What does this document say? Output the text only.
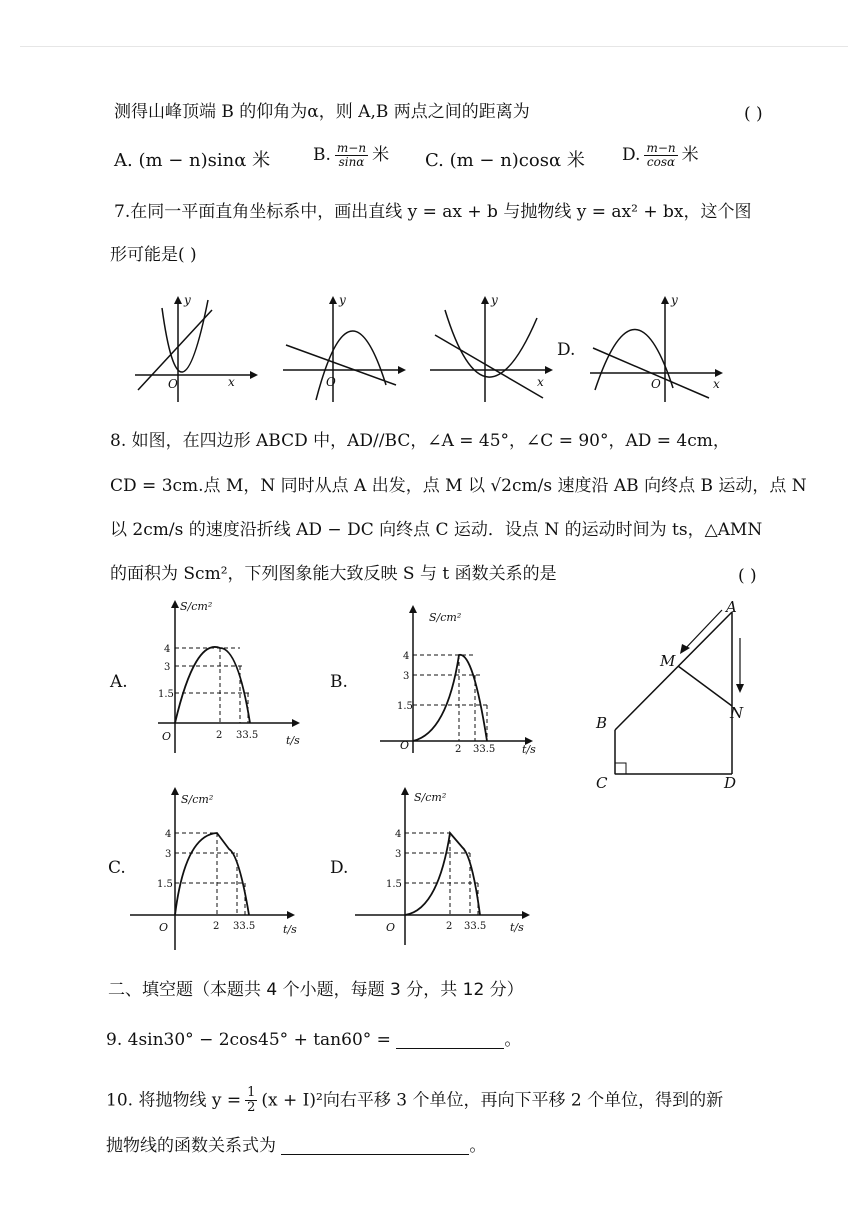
测得山峰顶端 B 的仰角为α，则 A,B 两点之间的距离为	( )
A. (m − n)sinα 米	B. $\frac{m-n}{\sin\alpha}$ 米 C. (m − n)cosα 米 D. $\frac{m-n}{\cos\alpha}$ 米
7.在同一平面直角坐标系中，画出直线 y = ax + b 与抛物线 y = ax² + bx，这个图
形可能是( )
y
x
O
y
O
y
x
D.
y
x
O
8. 如图，在四边形 ABCD 中，AD//BC，∠A = 45°，∠C = 90°，AD = 4cm，
CD = 3cm.点 M，N 同时从点 A 出发，点 M 以 √2cm/s 速度沿 AB 向终点 B 运动，点 N
以 2cm/s 的速度沿折线 AD − DC 向终点 C 运动．设点 N 的运动时间为 ts，△AMN
的面积为 Scm²，下列图象能大致反映 S 与 t 函数关系的是	( )
A.
S/cm²
t/s
O
4
3
1.5
2 33.5
B.
S/cm²
t/s
O
4
3
1.5
2 33.5
A
M
N
B
C	D
C.
S/cm²
t/s
O
4
3
1.5
2 33.5
D.
S/cm²
t/s
O
4
3
1.5
2 33.5
二、填空题（本题共 4 个小题，每题 3 分，共 12 分）
9. 4sin30° − 2cos45° + tan60° =	。
10. 将抛物线 $y = \frac{1}{2} (x + I)^2$向右平移 3 个单位，再向下平移 2 个单位，得到的新
抛物线的函数关系式为	。
